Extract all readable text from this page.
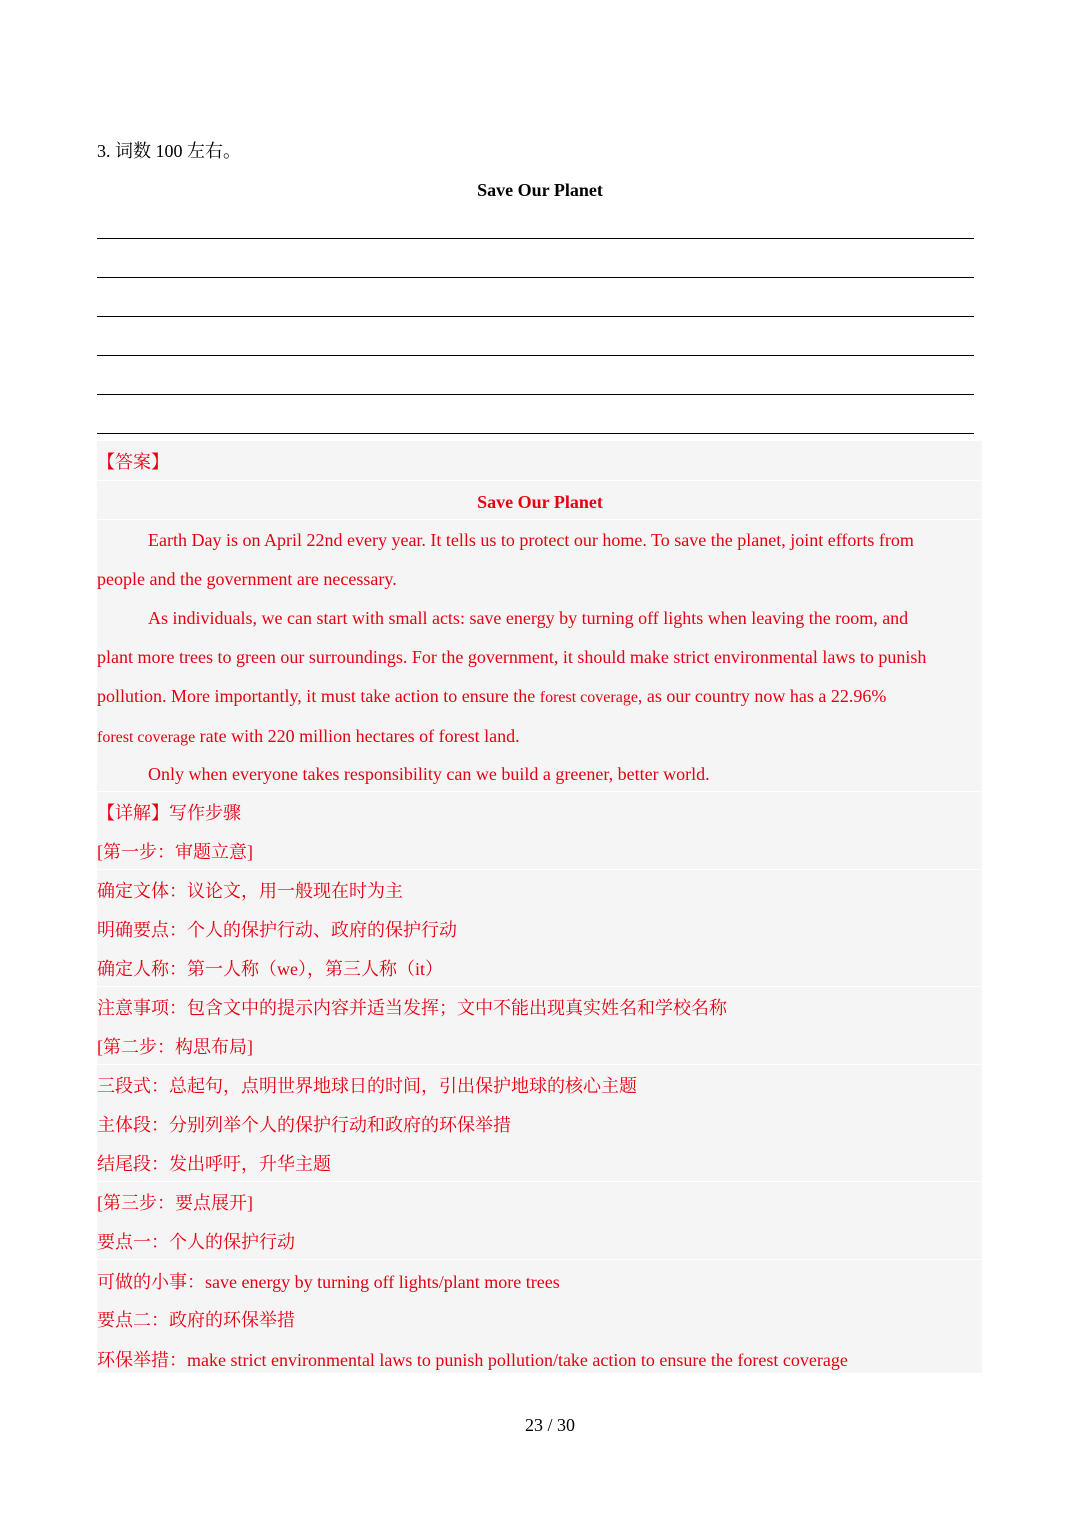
3. 词数 100 左右。
Save Our Planet
【答案】
Save Our Planet
Earth Day is on April 22nd every year. It tells us to protect our home. To save the planet, joint efforts from
people and the government are necessary.
As individuals, we can start with small acts: save energy by turning off lights when leaving the room, and
plant more trees to green our surroundings. For the government, it should make strict environmental laws to punish
pollution. More importantly, it must take action to ensure the forest coverage, as our country now has a 22.96%
forest coverage rate with 220 million hectares of forest land.
Only when everyone takes responsibility can we build a greener, better world.
【详解】写作步骤
[第一步：审题立意]
确定文体：议论文，用一般现在时为主
明确要点：个人的保护行动、政府的保护行动
确定人称：第一人称（we），第三人称（it）
注意事项：包含文中的提示内容并适当发挥；文中不能出现真实姓名和学校名称
[第二步：构思布局]
三段式：总起句，点明世界地球日的时间，引出保护地球的核心主题
主体段：分别列举个人的保护行动和政府的环保举措
结尾段：发出呼吁，升华主题
[第三步：要点展开]
要点一：个人的保护行动
可做的小事：save energy by turning off lights/plant more trees
要点二：政府的环保举措
环保举措：make strict environmental laws to punish pollution/take action to ensure the forest coverage
23 / 30
